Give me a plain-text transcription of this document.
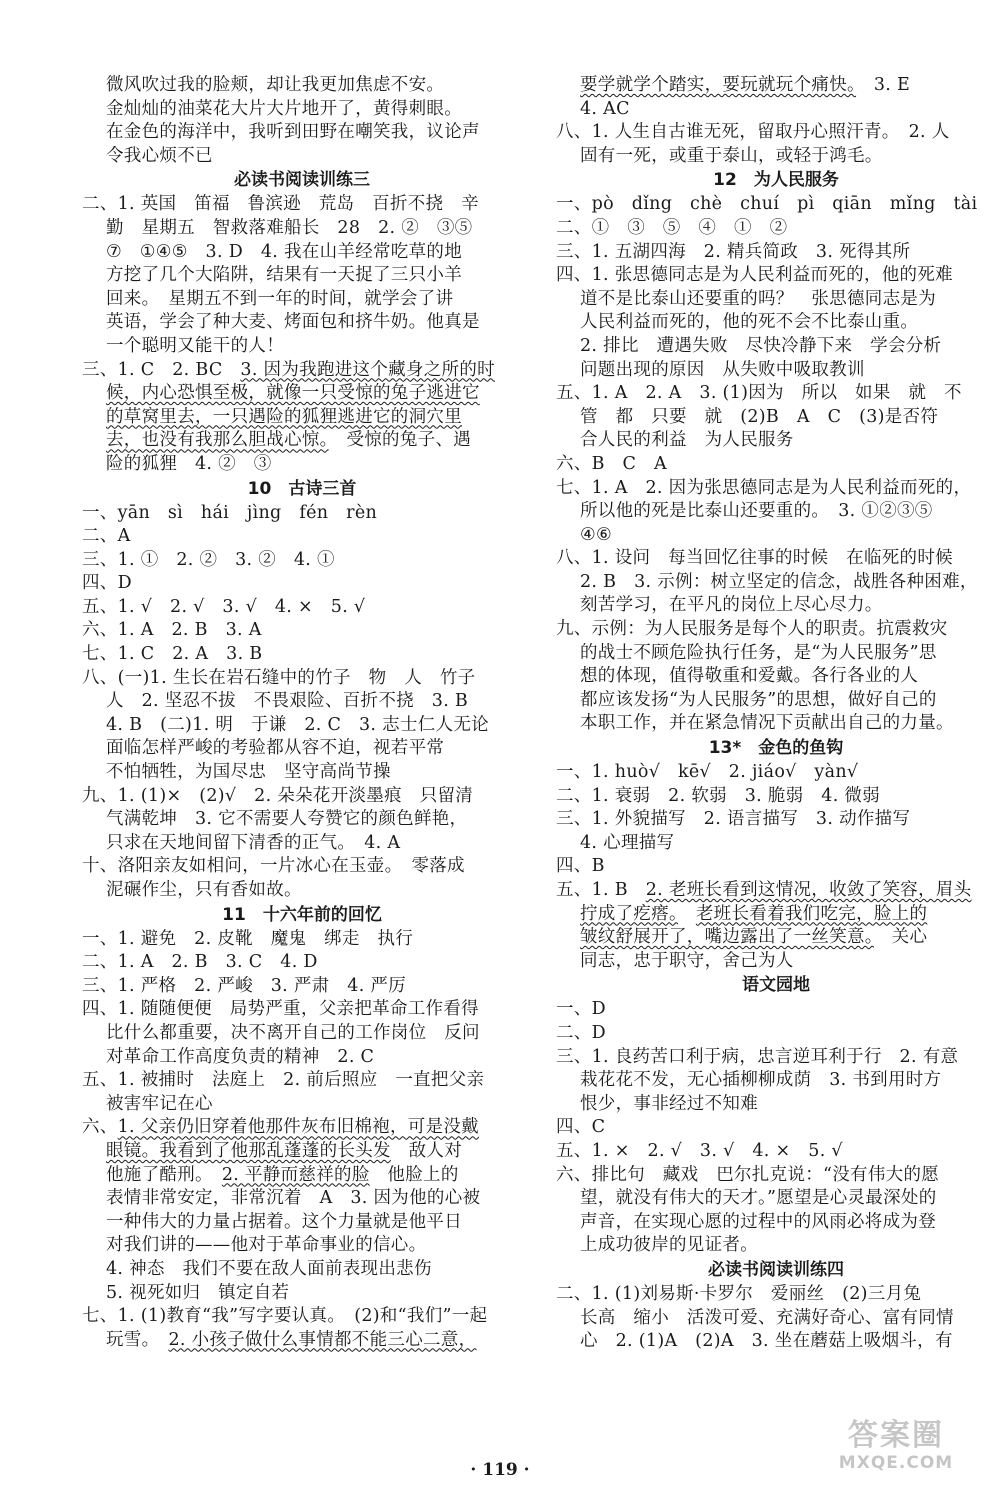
微风吹过我的脸颊，却让我更加焦虑不安。
金灿灿的油菜花大片大片地开了，黄得刺眼。
在金色的海洋中，我听到田野在嘲笑我，议论声
令我心烦不已
必读书阅读训练三
二、1. 英国　笛福　鲁滨逊　荒岛　百折不挠　辛
勤　星期五　智救落难船长　28　2. ②　③⑤
⑦　①④⑤　3. D　4. 我在山羊经常吃草的地
方挖了几个大陷阱，结果有一天捉了三只小羊
回来。　星期五不到一年的时间，就学会了讲
英语，学会了种大麦、烤面包和挤牛奶。他真是
一个聪明又能干的人！
三、1. C　2. BC　3. 因为我跑进这个藏身之所的时
候，内心恐惧至极，就像一只受惊的兔子逃进它
的草窝里去，一只遇险的狐狸逃进它的洞穴里
去，也没有我那么胆战心惊。　受惊的兔子、遇
险的狐狸　4. ②　③
10　古诗三首
一、yān　sì　hái　jìng　fén　rèn
二、A
三、1. ①　2. ②　3. ②　4. ①
四、D
五、1. √　2. √　3. √　4. ×　5. √
六、1. A　2. B　3. A
七、1. C　2. A　3. B
八、(一)1. 生长在岩石缝中的竹子　物　人　竹子
人　2. 坚忍不拔　不畏艰险、百折不挠　3. B
4. B　(二)1. 明　于谦　2. C　3. 志士仁人无论
面临怎样严峻的考验都从容不迫，视若平常
不怕牺牲，为国尽忠　坚守高尚节操
九、1. (1)×　(2)√　2. 朵朵花开淡墨痕　只留清
气满乾坤　3. 它不需要人夸赞它的颜色鲜艳，
只求在天地间留下清香的正气。　4. A
十、洛阳亲友如相问，一片冰心在玉壶。　零落成
泥碾作尘，只有香如故。
11　十六年前的回忆
一、1. 避免　2. 皮靴　魔鬼　绑走　执行
二、1. A　2. B　3. C　4. D
三、1. 严格　2. 严峻　3. 严肃　4. 严厉
四、1. 随随便便　局势严重，父亲把革命工作看得
比什么都重要，决不离开自己的工作岗位　反问
对革命工作高度负责的精神　2. C
五、1. 被捕时　法庭上　2. 前后照应　一直把父亲
被害牢记在心
六、1. 父亲仍旧穿着他那件灰布旧棉袍，可是没戴
眼镜。我看到了他那乱蓬蓬的长头发　敌人对
他施了酷刑。　2. 平静而慈祥的脸　他脸上的
表情非常安定，非常沉着　A　3. 因为他的心被
一种伟大的力量占据着。这个力量就是他平日
对我们讲的——他对于革命事业的信心。
4. 神态　我们不要在敌人面前表现出悲伤
5. 视死如归　镇定自若
七、1. (1)教育“我”写字要认真。　(2)和“我们”一起
玩雪。　2. 小孩子做什么事情都不能三心二意，
要学就学个踏实，要玩就玩个痛快。　3. E
4. AC
八、1. 人生自古谁无死，留取丹心照汗青。　2. 人
固有一死，或重于泰山，或轻于鸿毛。
12　为人民服务
一、pò　dǐng　chè　chuí　pì　qiān　mǐng　tài
二、①　③　⑤　④　①　②
三、1. 五湖四海　2. 精兵简政　3. 死得其所
四、1. 张思德同志是为人民利益而死的，他的死难
道不是比泰山还要重的吗？　张思德同志是为
人民利益而死的，他的死不会不比泰山重。
2. 排比　遭遇失败　尽快冷静下来　学会分析
问题出现的原因　从失败中吸取教训
五、1. A　2. A　3. (1)因为　所以　如果　就　不
管　都　只要　就　(2)B　A　C　(3)是否符
合人民的利益　为人民服务
六、B　C　A
七、1. A　2. 因为张思德同志是为人民利益而死的，
所以他的死是比泰山还要重的。　3. ①②③⑤
④⑥
八、1. 设问　每当回忆往事的时候　在临死的时候
2. B　3. 示例：树立坚定的信念，战胜各种困难，
刻苦学习，在平凡的岗位上尽心尽力。
九、示例：为人民服务是每个人的职责。抗震救灾
的战士不顾危险执行任务，是“为人民服务”思
想的体现，值得敬重和爱戴。各行各业的人
都应该发扬“为人民服务”的思想，做好自己的
本职工作，并在紧急情况下贡献出自己的力量。
13*　金色的鱼钩
一、1. huò√　kē√　2. jiáo√　yàn√
二、1. 衰弱　2. 软弱　3. 脆弱　4. 微弱
三、1. 外貌描写　2. 语言描写　3. 动作描写
4. 心理描写
四、B
五、1. B　2. 老班长看到这情况，收敛了笑容，眉头
拧成了疙瘩。　 老班长看着我们吃完，脸上的
皱纹舒展开了，嘴边露出了一丝笑意。　关心
同志，忠于职守，舍己为人
语文园地
一、D
二、D
三、1. 良药苦口利于病，忠言逆耳利于行　2. 有意
栽花花不发，无心插柳柳成荫　3. 书到用时方
恨少，事非经过不知难
四、C
五、1. ×　2. √　3. √　4. ×　5. √
六、排比句　藏戏　巴尔扎克说：“没有伟大的愿
望，就没有伟大的天才。”愿望是心灵最深处的
声音，在实现心愿的过程中的风雨必将成为登
上成功彼岸的见证者。
必读书阅读训练四
二、1. (1)刘易斯·卡罗尔　爱丽丝　(2)三月兔
长高　缩小　活泼可爱、充满好奇心、富有同情
心　2. (1)A　(2)A　3. 坐在蘑菇上吸烟斗，有
· 119 ·
答案圈
MXQE.COM
